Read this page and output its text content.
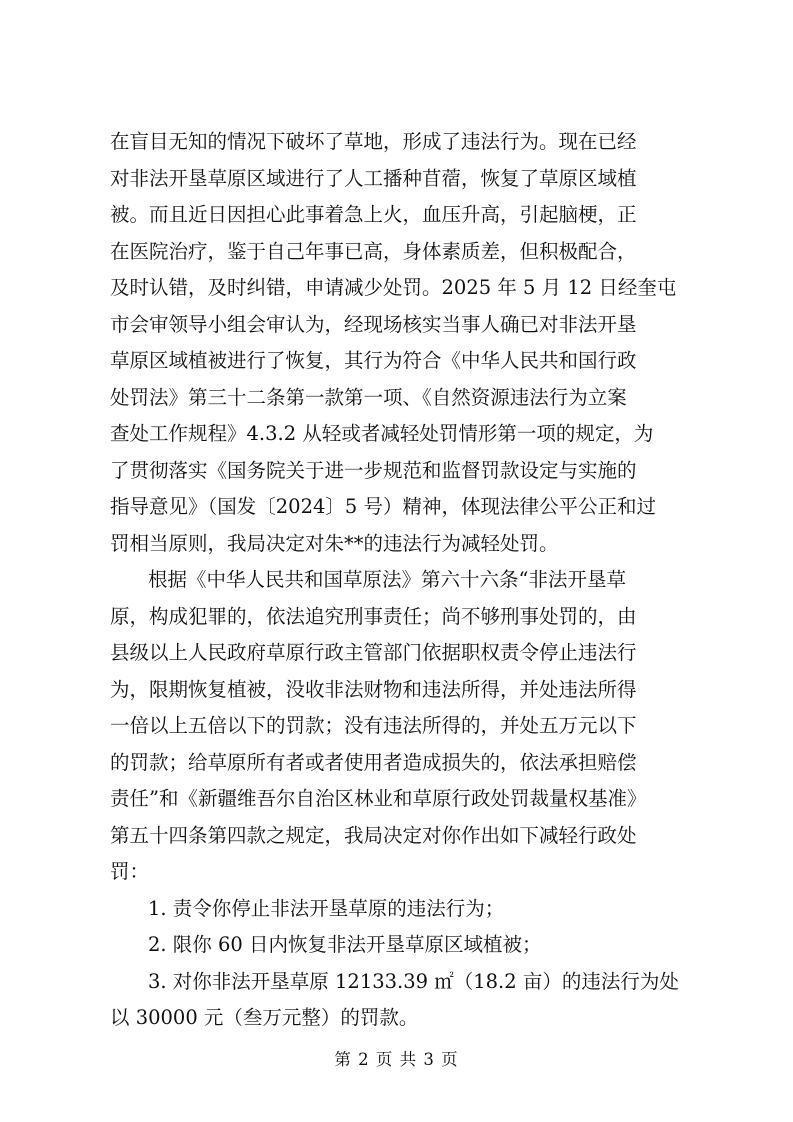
在盲目无知的情况下破坏了草地，形成了违法行为。现在已经
对非法开垦草原区域进行了人工播种苜蓿，恢复了草原区域植
被。而且近日因担心此事着急上火，血压升高，引起脑梗，正
在医院治疗，鉴于自己年事已高，身体素质差，但积极配合，
及时认错，及时纠错，申请减少处罚。2025 年 5 月 12 日经奎屯
市会审领导小组会审认为，经现场核实当事人确已对非法开垦
草原区域植被进行了恢复，其行为符合《中华人民共和国行政
处罚法》第三十二条第一款第一项、《自然资源违法行为立案
查处工作规程》4.3.2 从轻或者减轻处罚情形第一项的规定，为
了贯彻落实《国务院关于进一步规范和监督罚款设定与实施的
指导意见》（国发〔2024〕5 号）精神，体现法律公平公正和过
罚相当原则，我局决定对朱**的违法行为减轻处罚。
根据《中华人民共和国草原法》第六十六条“非法开垦草
原，构成犯罪的，依法追究刑事责任；尚不够刑事处罚的，由
县级以上人民政府草原行政主管部门依据职权责令停止违法行
为，限期恢复植被，没收非法财物和违法所得，并处违法所得
一倍以上五倍以下的罚款；没有违法所得的，并处五万元以下
的罚款；给草原所有者或者使用者造成损失的，依法承担赔偿
责任”和《新疆维吾尔自治区林业和草原行政处罚裁量权基准》
第五十四条第四款之规定，我局决定对你作出如下减轻行政处
罚：
1. 责令你停止非法开垦草原的违法行为；
2. 限你 60 日内恢复非法开垦草原区域植被；
3. 对你非法开垦草原 12133.39 ㎡（18.2 亩）的违法行为处
以 30000 元（叁万元整）的罚款。
第 2 页 共 3 页
